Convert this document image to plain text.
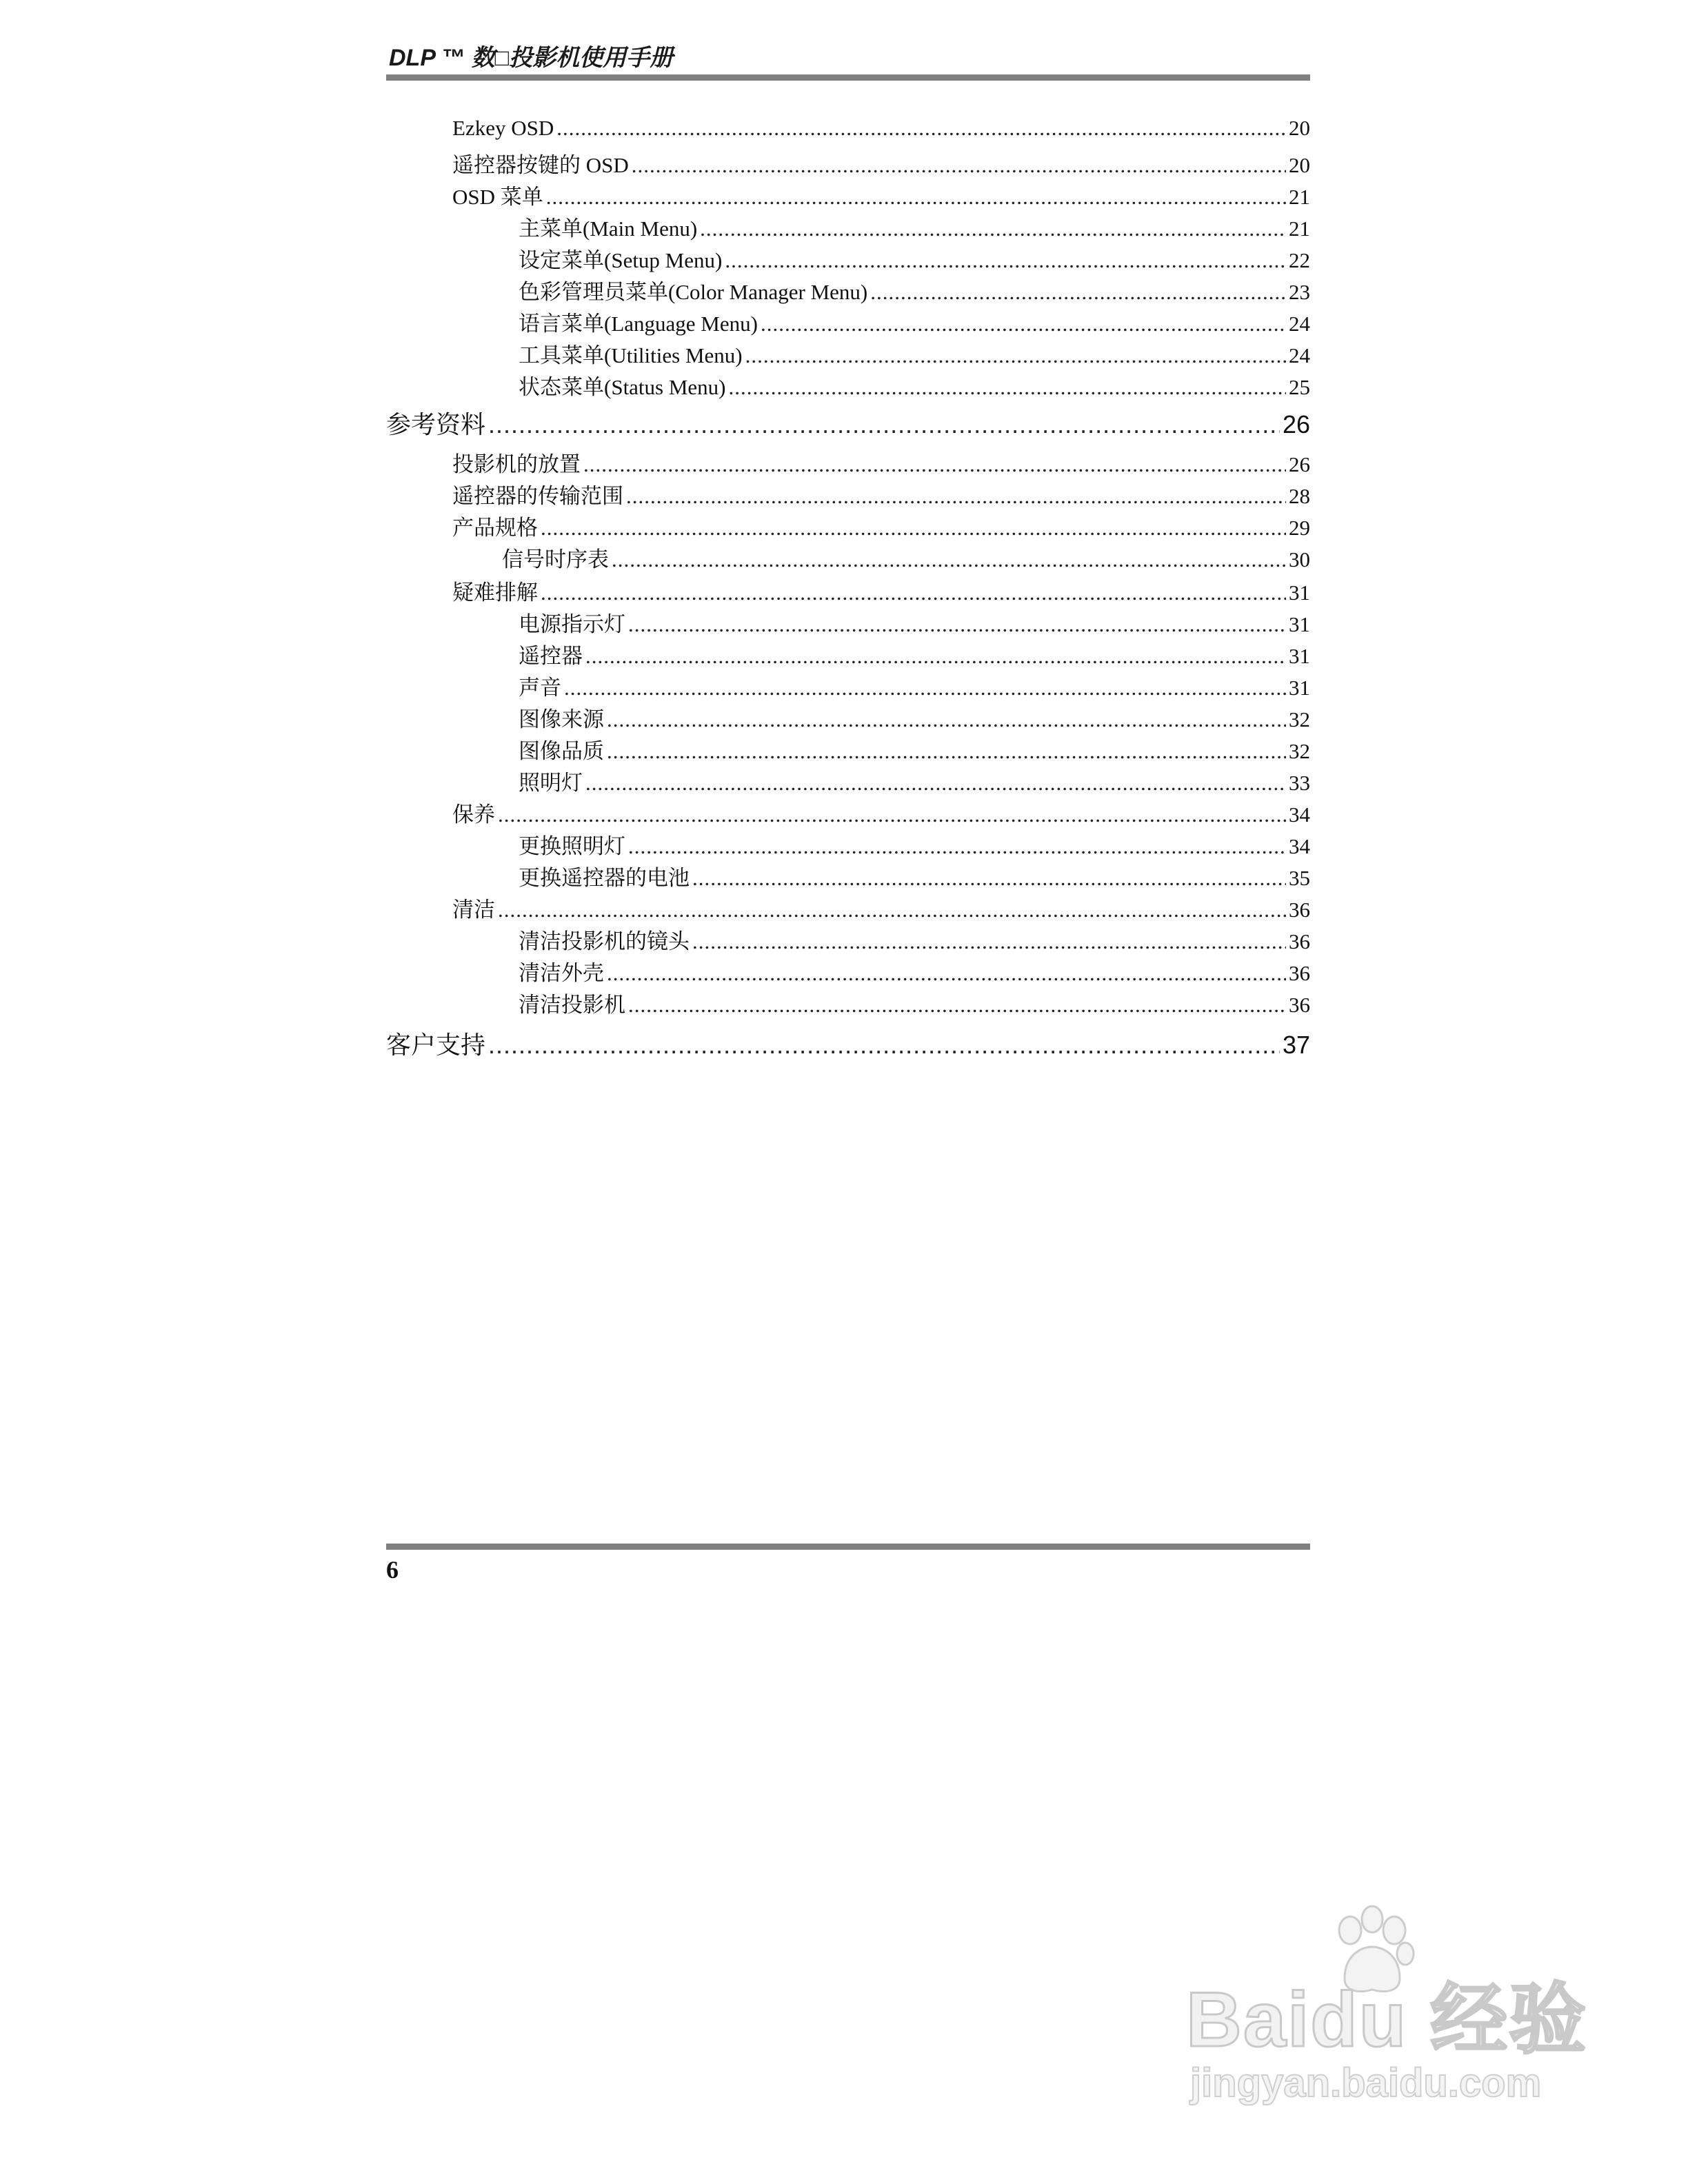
DLP ™ 数□投影机使用手册
Ezkey OSD .....	20
遥控器按键的 OSD .....	20
OSD 菜单 .....	21
主菜单(Main Menu) .....	21
设定菜单(Setup Menu) .....	22
色彩管理员菜单(Color Manager Menu) .....	23
语言菜单(Language Menu) .....	24
工具菜单(Utilities Menu) .....	24
状态菜单(Status Menu) .....	25
参考资料 .....	26
投影机的放置 .....	26
遥控器的传输范围 .....	28
产品规格 .....	29
信号时序表 .....	30
疑难排解 .....	31
电源指示灯 .....	31
遥控器 .....	31
声音 .....	31
图像来源 .....	32
图像品质 .....	32
照明灯 .....	33
保养 .....	34
更换照明灯 .....	34
更换遥控器的电池 .....	35
清洁 .....	36
清洁投影机的镜头 .....	36
清洁外壳 .....	36
清洁投影机 .....	36
客户支持 .....	37
6
Baidu 经验
jingyan.baidu.com
